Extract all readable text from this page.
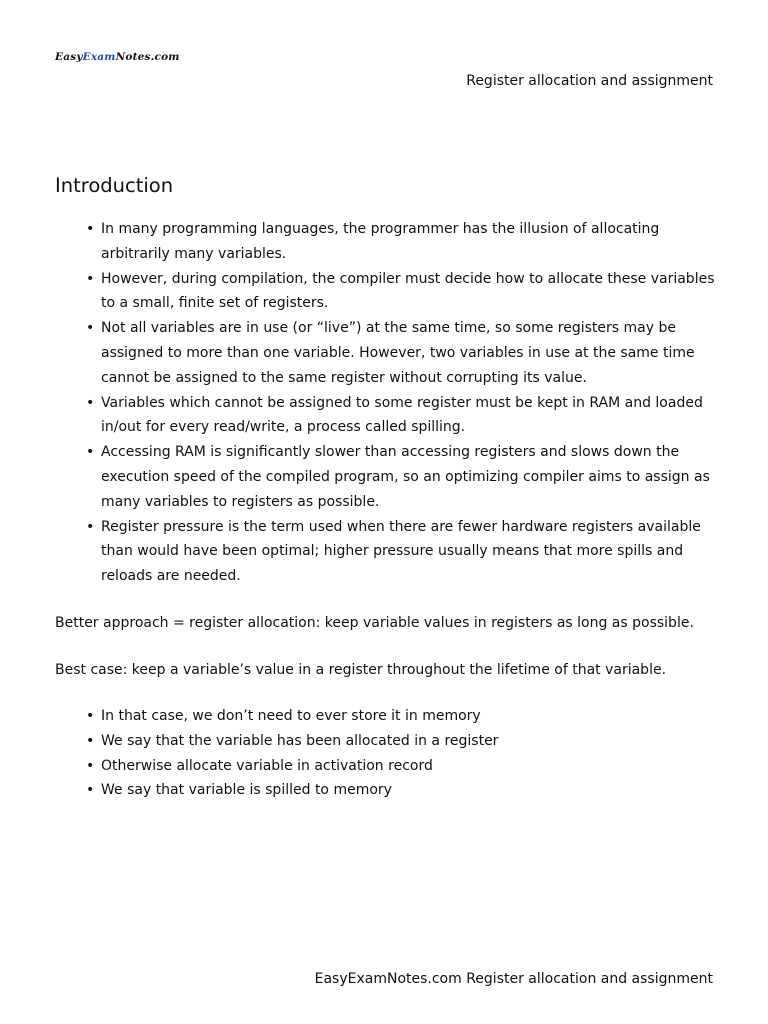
EasyExamNotes.com
Register allocation and assignment
Introduction
• In many programming languages, the programmer has the illusion of allocating arbitrarily many variables.
• However, during compilation, the compiler must decide how to allocate these variables to a small, finite set of registers.
• Not all variables are in use (or “live”) at the same time, so some registers may be assigned to more than one variable. However, two variables in use at the same time cannot be assigned to the same register without corrupting its value.
• Variables which cannot be assigned to some register must be kept in RAM and loaded in/out for every read/write, a process called spilling.
• Accessing RAM is significantly slower than accessing registers and slows down the execution speed of the compiled program, so an optimizing compiler aims to assign as many variables to registers as possible.
• Register pressure is the term used when there are fewer hardware registers available than would have been optimal; higher pressure usually means that more spills and reloads are needed.

Better approach = register allocation: keep variable values in registers as long as possible.

Best case: keep a variable’s value in a register throughout the lifetime of that variable.

• In that case, we don’t need to ever store it in memory
• We say that the variable has been allocated in a register
• Otherwise allocate variable in activation record
• We say that variable is spilled to memory
EasyExamNotes.com Register allocation and assignment
